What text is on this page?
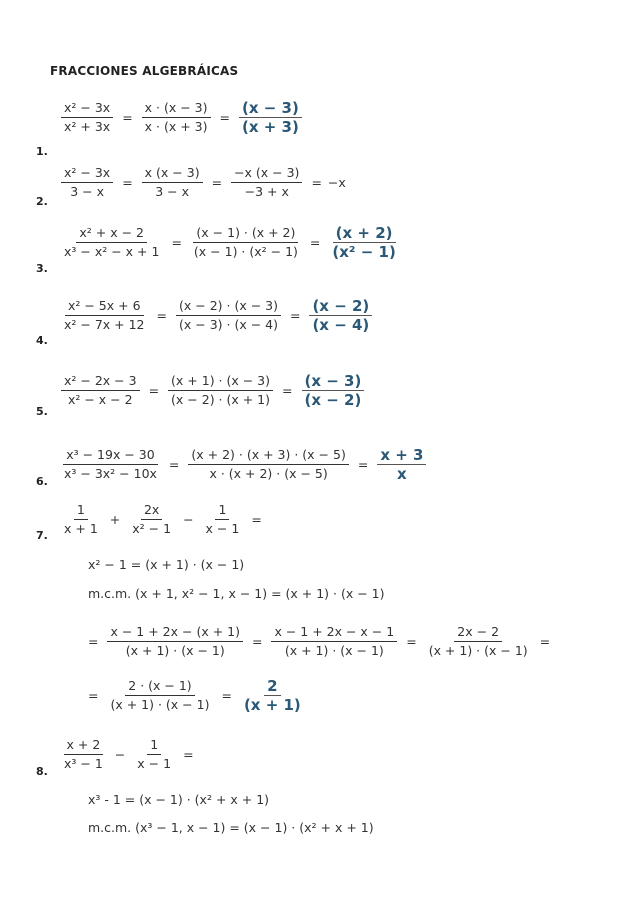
FRACCIONES ALGEBRÁICAS
1.
$\frac{\text{x² − 3x}}{\text{x² + 3x}} = \frac{x \cdot (x - 3)}{x \cdot (x + 3)} = \frac{(x - 3)}{(x + 3)}$
2.
$\frac{\text{x² − 3x}}{3 - x} = \frac{x (x - 3)}{3 - x} = \frac{-x (x - 3)}{-3 + x} = -x$
3.
$\frac{\text{x² + x − 2}}{\text{x³ − x² − x + 1}} = \frac{(x - 1) \cdot (x + 2)}{\text{(x − 1) · (x² − 1)}} = \frac{(x + 2)}{\text{(x² − 1)}}$
4.
$\frac{\text{x² − 5x + 6}}{\text{x² − 7x + 12}} = \frac{(x - 2) \cdot (x - 3)}{(x - 3) \cdot (x - 4)} = \frac{(x - 2)}{(x - 4)}$
5.
$\frac{\text{x² − 2x − 3}}{\text{x² − x − 2}} = \frac{(x + 1) \cdot (x - 3)}{(x - 2) \cdot (x + 1)} = \frac{(x - 3)}{(x - 2)}$
6. $\frac{\text{x³ − 19x − 30}}{\text{x³ − 3x² − 10x}} = \frac{(x + 2) \cdot (x + 3) \cdot (x - 5)}{x \cdot (x + 2) \cdot (x - 5)} = \frac{x + 3}{x}$
7. $\frac{1}{x + 1} + \frac{2x}{\text{x² − 1}} - \frac{1}{x - 1}$ =
x² − 1 = (x + 1) · (x − 1)
m.c.m. (x + 1, x² − 1, x − 1) = (x + 1) · (x − 1)
= $\frac{x - 1 + 2x - (x + 1)}{(x + 1) \cdot (x - 1)} = \frac{x - 1 + 2x - x - 1}{(x + 1) \cdot (x - 1)} = \frac{2x - 2}{(x + 1) \cdot (x - 1)}$ =
= $\frac{2 \cdot (x - 1)}{(x + 1) \cdot (x - 1)} = \frac{2}{(x + 1)}$
8. $\frac{x + 2}{\text{x³ − 1}} - \frac{1}{x - 1}$ =
x³ - 1 = (x − 1) · (x² + x + 1)
m.c.m. (x³ − 1, x − 1) = (x − 1) · (x² + x + 1)
